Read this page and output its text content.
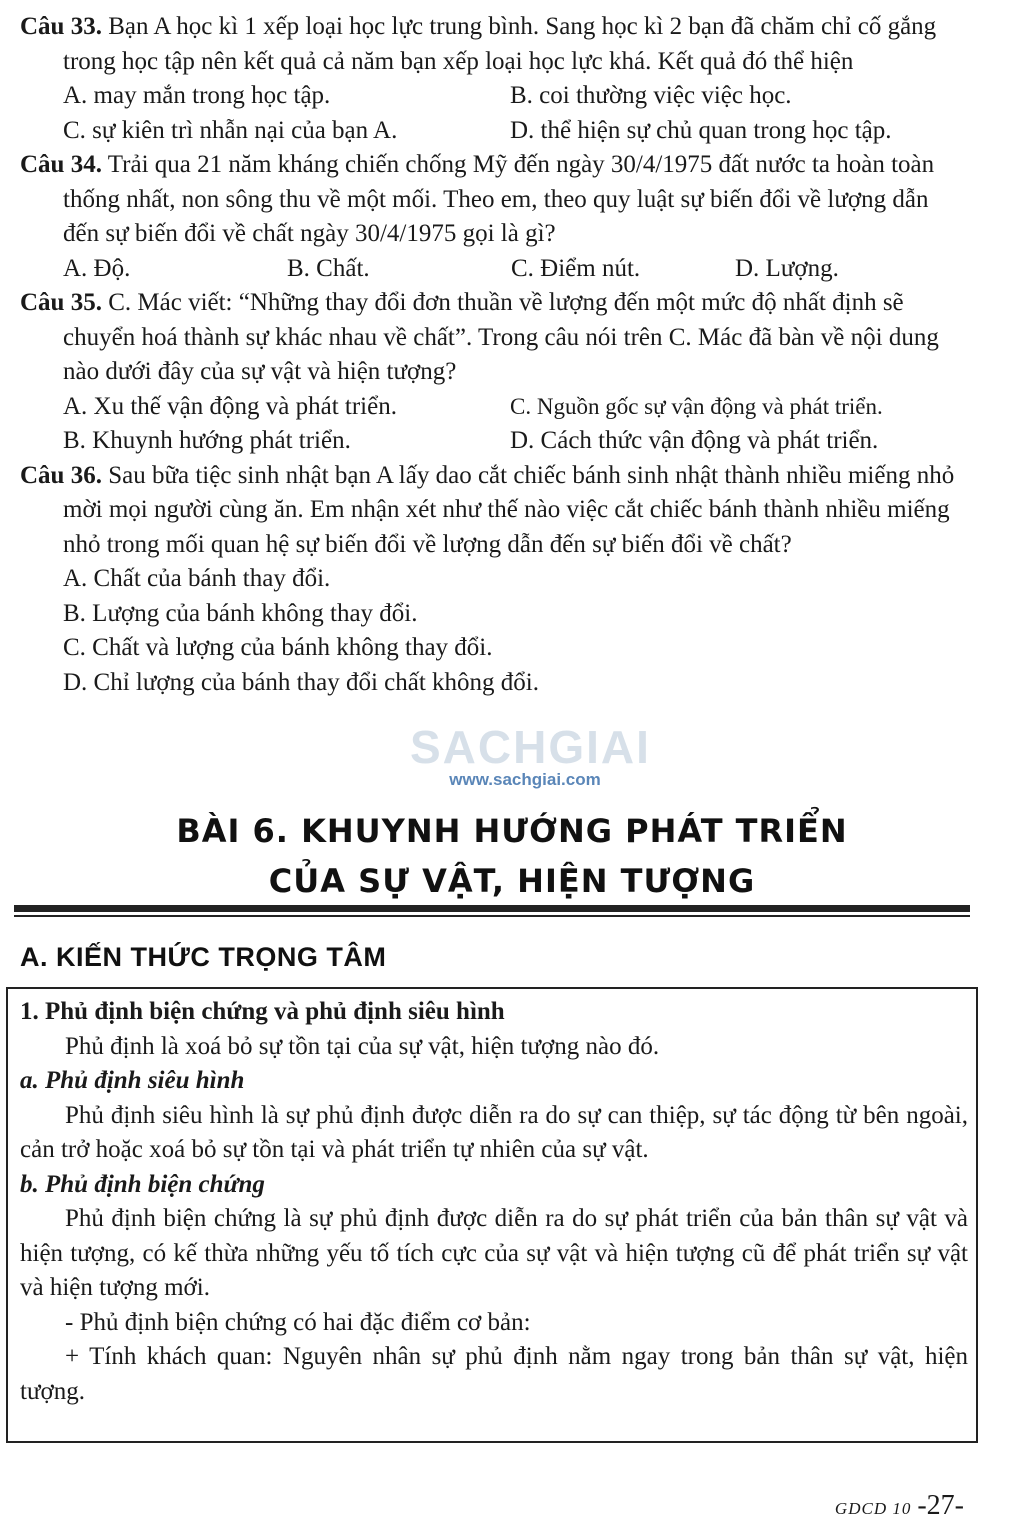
Câu 33. Bạn A học kì 1 xếp loại học lực trung bình. Sang học kì 2 bạn đã chăm chỉ cố gắng trong học tập nên kết quả cả năm bạn xếp loại học lực khá. Kết quả đó thể hiện
A. may mắn trong học tập.	B. coi thường việc việc học.
C. sự kiên trì nhẫn nại của bạn A.	D. thể hiện sự chủ quan trong học tập.
Câu 34. Trải qua 21 năm kháng chiến chống Mỹ đến ngày 30/4/1975 đất nước ta hoàn toàn thống nhất, non sông thu về một mối. Theo em, theo quy luật sự biến đổi về lượng dẫn đến sự biến đổi về chất ngày 30/4/1975 gọi là gì?
A. Độ.	B. Chất.	C. Điểm nút.	D. Lượng.
Câu 35. C. Mác viết: “Những thay đổi đơn thuần về lượng đến một mức độ nhất định sẽ chuyển hoá thành sự khác nhau về chất”. Trong câu nói trên C. Mác đã bàn về nội dung nào dưới đây của sự vật và hiện tượng?
A. Xu thế vận động và phát triển.	C. Nguồn gốc sự vận động và phát triển.
B. Khuynh hướng phát triển.	D. Cách thức vận động và phát triển.
Câu 36. Sau bữa tiệc sinh nhật bạn A lấy dao cắt chiếc bánh sinh nhật thành nhiều miếng nhỏ mời mọi người cùng ăn. Em nhận xét như thế nào việc cắt chiếc bánh thành nhiều miếng nhỏ trong mối quan hệ sự biến đổi về lượng dẫn đến sự biến đổi về chất?
A. Chất của bánh thay đổi.
B. Lượng của bánh không thay đổi.
C. Chất và lượng của bánh không thay đổi.
D. Chỉ lượng của bánh thay đổi chất không đổi.
SACHGIAI
www.sachgiai.com
BÀI 6. KHUYNH HƯỚNG PHÁT TRIỂN
CỦA SỰ VẬT, HIỆN TƯỢNG
A. KIẾN THỨC TRỌNG TÂM

1. Phủ định biện chứng và phủ định siêu hình

Phủ định là xoá bỏ sự tồn tại của sự vật, hiện tượng nào đó.

a. Phủ định siêu hình

Phủ định siêu hình là sự phủ định được diễn ra do sự can thiệp, sự tác động từ bên ngoài, cản trở hoặc xoá bỏ sự tồn tại và phát triển tự nhiên của sự vật.

b. Phủ định biện chứng

Phủ định biện chứng là sự phủ định được diễn ra do sự phát triển của bản thân sự vật và hiện tượng, có kế thừa những yếu tố tích cực của sự vật và hiện tượng cũ để phát triển sự vật và hiện tượng mới.

- Phủ định biện chứng có hai đặc điểm cơ bản:

+ Tính khách quan: Nguyên nhân sự phủ định nằm ngay trong bản thân sự vật, hiện tượng.

GDCD 10 -27-
